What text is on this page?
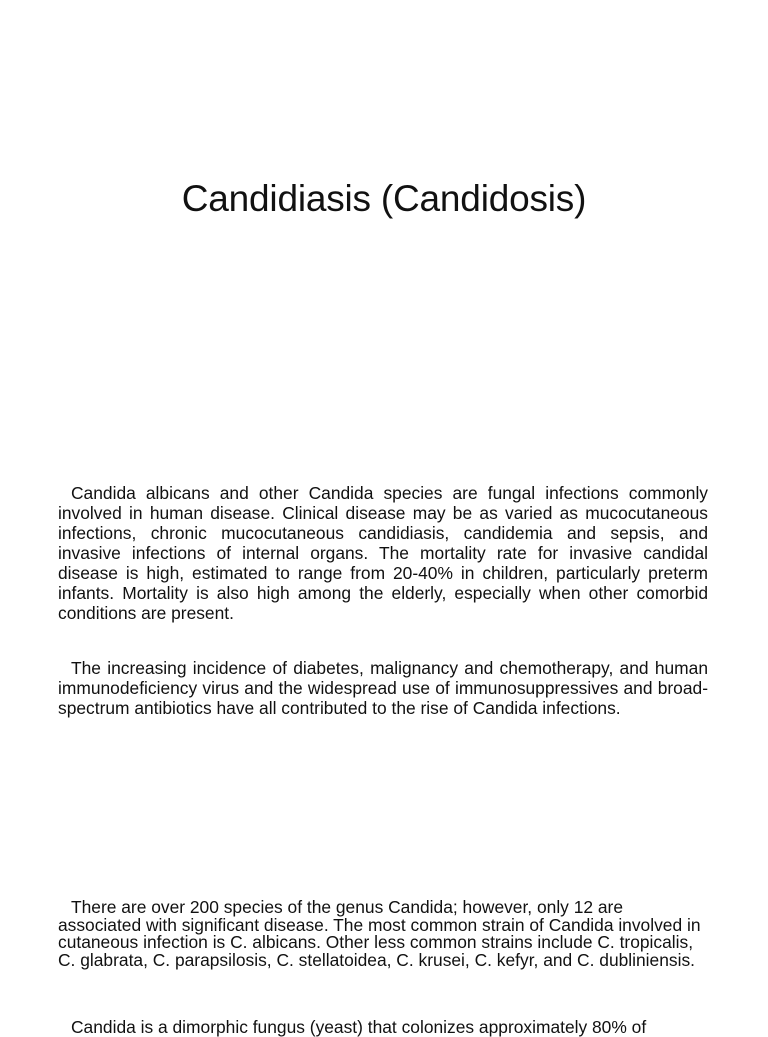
Candidiasis (Candidosis)

Candida albicans and other Candida species are fungal infections commonly involved in human disease. Clinical disease may be as varied as mucocutaneous infections, chronic mucocutaneous candidiasis, candidemia and sepsis, and invasive infections of internal organs. The mortality rate for invasive candidal disease is high, estimated to range from 20-40% in children, particularly preterm infants. Mortality is also high among the elderly, especially when other comorbid conditions are present.

The increasing incidence of diabetes, malignancy and chemotherapy, and human immunodeficiency virus and the widespread use of immunosuppressives and broad-spectrum antibiotics have all contributed to the rise of Candida infections.

There are over 200 species of the genus Candida; however, only 12 are associated with significant disease. The most common strain of Candida involved in cutaneous infection is C. albicans. Other less common strains include C. tropicalis, C. glabrata, C. parapsilosis, C. stellatoidea, C. krusei, C. kefyr, and C. dubliniensis.

Candida is a dimorphic fungus (yeast) that colonizes approximately 80% of
